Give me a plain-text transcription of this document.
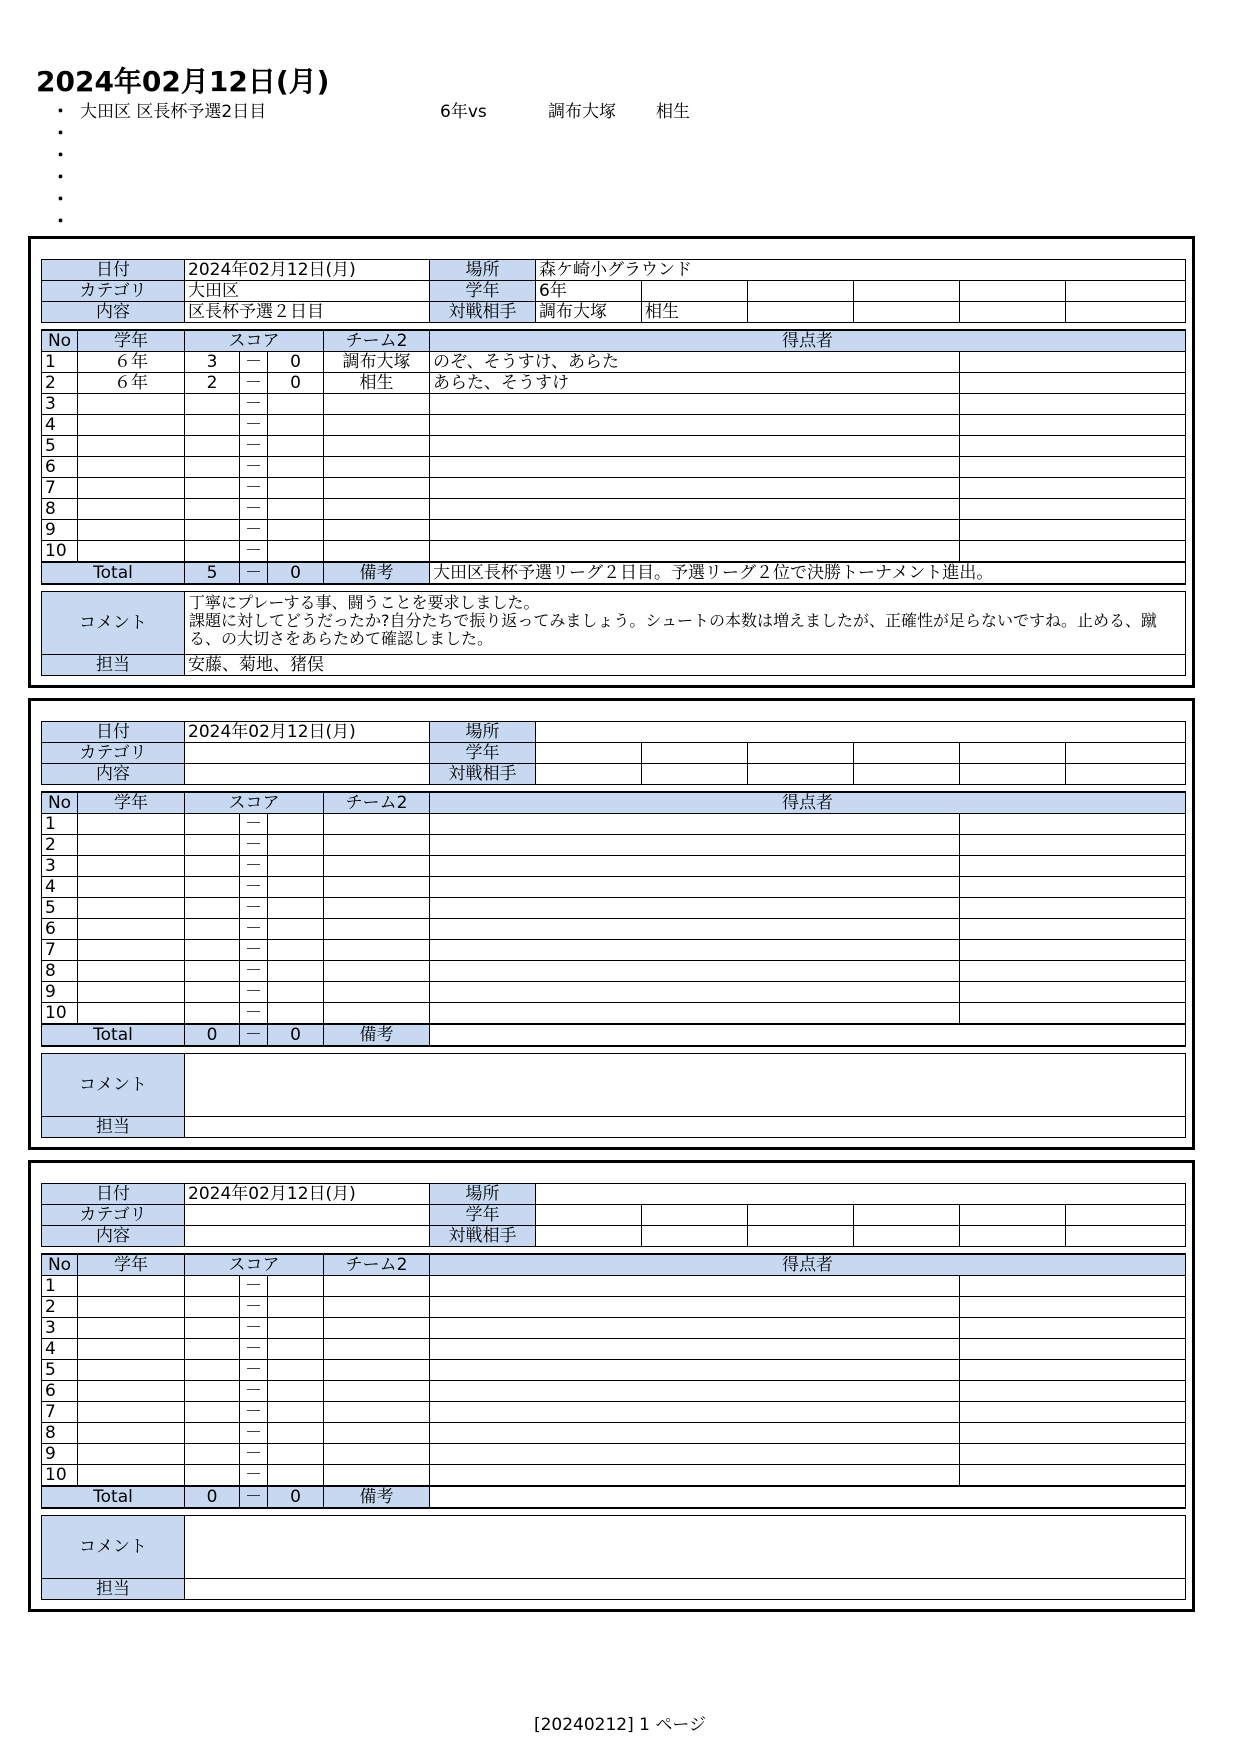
2024年02月12日(月)
・ 大田区 区長杯予選2日目	6年vs	調布大塚	相生
・
・
・
・
・
日付	2024年02月12日(月)	場所	森ケ崎小グラウンド					
カテゴリ	大田区	学年	6年					
内容	区長杯予選２日目	対戦相手	調布大塚	相生				
No	学年	スコア			チーム2	得点者	
1	６年	3	－	0	調布大塚	のぞ、そうすけ、あらた	
2	６年	2	－	0	相生	あらた、そうすけ	
3			－				
4			－				
5			－				
6			－				
7			－				
8			－				
9			－				
10			－				
Total		5	－	0	備考	大田区長杯予選リーグ２日目。予選リーグ２位で決勝トーナメント進出。	
コメント	丁寧にプレーする事、闘うことを要求しました。
課題に対してどうだったか?自分たちで振り返ってみましょう。シュートの本数は増えましたが、正確性が足らないですね。止める、蹴る、の大切さをあらためて確認しました。
担当	安藤、菊地、猪俣
日付	2024年02月12日(月)	場所						
カテゴリ		学年						
内容		対戦相手						
No	学年	スコア			チーム2	得点者	
1			－				
2			－				
3			－				
4			－				
5			－				
6			－				
7			－				
8			－				
9			－				
10			－				
Total		0	－	0	備考		
コメント	
担当	
日付	2024年02月12日(月)	場所						
カテゴリ		学年						
内容		対戦相手						
No	学年	スコア			チーム2	得点者	
1			－				
2			－				
3			－				
4			－				
5			－				
6			－				
7			－				
8			－				
9			－				
10			－				
Total		0	－	0	備考		
コメント	
担当	
[20240212] 1 ページ
